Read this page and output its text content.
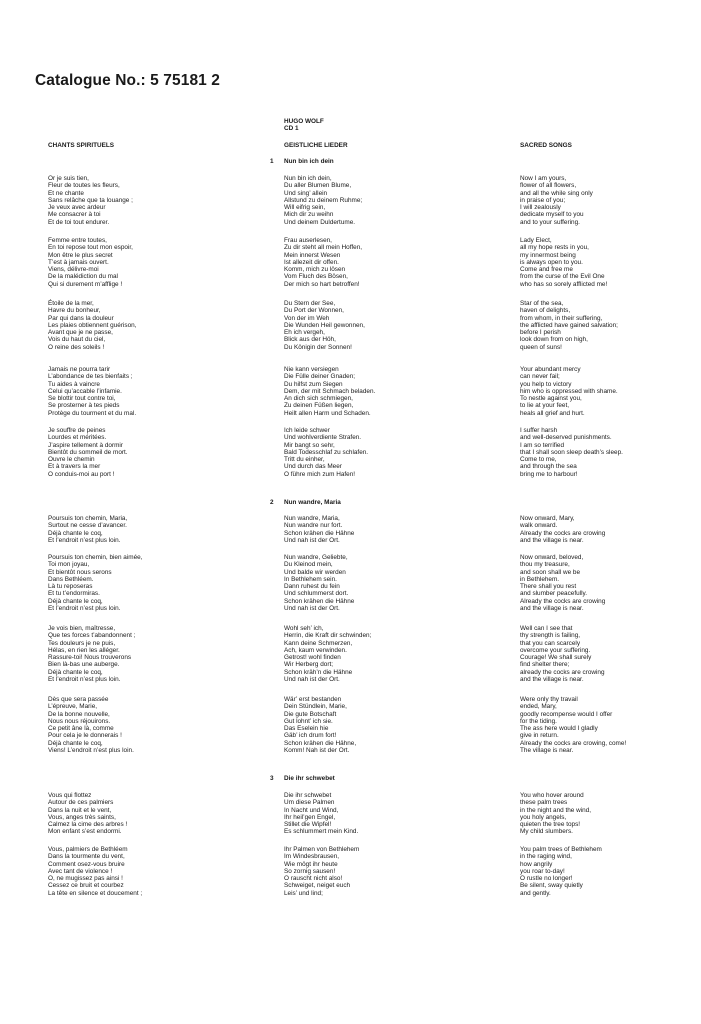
Catalogue No.: 5 75181 2
HUGO WOLF
CD 1
CHANTS SPIRITUELS	GEISTLICHE LIEDER	SACRED SONGS
1 Nun bin ich dein

Or je suis tien,
Fleur de toutes les fleurs,
Et ne chante
Sans relâche que ta louange ;
Je veux avec ardeur
Me consacrer à toi
Et de toi tout endurer.

Femme entre toutes,
En toi repose tout mon espoir,
Mon être le plus secret
T’est à jamais ouvert.
Viens, délivre-moi
De la malédiction du mal
Qui si durement m’afflige !

Étoile de la mer,
Havre du bonheur,
Par qui dans la douleur
Les plaies obtiennent guérison,
Avant que je ne passe,
Vois du haut du ciel,
O reine des soleils !

Jamais ne pourra tarir
L’abondance de tes bienfaits ;
Tu aides à vaincre
Celui qu’accable l’infamie.
Se blottir tout contre toi,
Se prosterner à tes pieds
Protège du tourment et du mal.

Je souffre de peines
Lourdes et méritées.
J’aspire tellement à dormir
Bientôt du sommeil de mort.
Ouvre le chemin
Et à travers la mer
O conduis-moi au port !

Nun bin ich dein,
Du aller Blumen Blume,
Und sing’ allein
Allstund zu deinem Ruhme;
Will eifrig sein,
Mich dir zu weihn
Und deinem Duldertume.

Frau auserlesen,
Zu dir steht all mein Hoffen,
Mein innerst Wesen
Ist allezeit dir offen.
Komm, mich zu lösen
Vom Fluch des Bösen,
Der mich so hart betroffen!

Du Stern der See,
Du Port der Wonnen,
Von der im Weh
Die Wunden Heil gewonnen,
Eh ich vergeh,
Blick aus der Höh,
Du Königin der Sonnen!

Nie kann versiegen
Die Fülle deiner Gnaden;
Du hilfst zum Siegen
Dem, der mit Schmach beladen.
An dich sich schmiegen,
Zu deinen Füßen liegen,
Heilt allen Harm und Schaden.

Ich leide schwer
Und wohlverdiente Strafen.
Mir bangt so sehr,
Bald Todesschlaf zu schlafen.
Tritt du einher,
Und durch das Meer
O führe mich zum Hafen!

Now I am yours,
flower of all flowers,
and all the while sing only
in praise of you;
I will zealously
dedicate myself to you
and to your suffering.

Lady Elect,
all my hope rests in you,
my innermost being
is always open to you.
Come and free me
from the curse of the Evil One
who has so sorely afflicted me!

Star of the sea,
haven of delights,
from whom, in their suffering,
the afflicted have gained salvation;
before I perish
look down from on high,
queen of suns!

Your abundant mercy
can never fail;
you help to victory
him who is oppressed with shame.
To nestle against you,
to lie at your feet,
heals all grief and hurt.

I suffer harsh
and well-deserved punishments.
I am so terrified
that I shall soon sleep death’s sleep.
Come to me,
and through the sea
bring me to harbour!

2 Nun wandre, Maria

Poursuis ton chemin, Maria,
Surtout ne cesse d’avancer.
Déjà chante le coq,
Et l’endroit n’est plus loin.

Poursuis ton chemin, bien aimée,
Toi mon joyau,
Et bientôt nous serons
Dans Bethléem.
Là tu reposeras
Et tu t’endormiras.
Déjà chante le coq,
Et l’endroit n’est plus loin.

Je vois bien, maîtresse,
Que tes forces t’abandonnent ;
Tes douleurs je ne puis,
Hélas, en rien les alléger.
Rassure-toi! Nous trouverons
Bien là-bas une auberge.
Déjà chante le coq,
Et l’endroit n’est plus loin.

Dès que sera passée
L’épreuve, Marie,
De la bonne nouvelle,
Nous nous réjouirons.
Ce petit âne là, comme
Pour cela je le donnerais !
Déjà chante le coq,
Viens! L’endroit n’est plus loin.

Nun wandre, Maria,
Nun wandre nur fort.
Schon krähen die Hähne
Und nah ist der Ort.

Nun wandre, Geliebte,
Du Kleinod mein,
Und balde wir werden
In Bethlehem sein.
Dann ruhest du fein
Und schlummerst dort.
Schon krähen die Hähne
Und nah ist der Ort.

Wohl seh’ ich,
Herrin, die Kraft dir schwinden;
Kann deine Schmerzen,
Ach, kaum verwinden.
Getrost! wohl finden
Wir Herberg dort;
Schon kräh’n die Hähne
Und nah ist der Ort.

Wär’ erst bestanden
Dein Stündlein, Marie,
Die gute Botschaft
Gut lohnt’ ich sie.
Das Eselein hie
Gäb’ ich drum fort!
Schon krähen die Hähne,
Komm! Nah ist der Ort.

Now onward, Mary,
walk onward.
Already the cocks are crowing
and the village is near.

Now onward, beloved,
thou my treasure,
and soon shall we be
in Bethlehem.
There shall you rest
and slumber peacefully.
Already the cocks are crowing
and the village is near.

Well can I see that
thy strength is failing,
that you can scarcely
overcome your suffering.
Courage! We shall surely
find shelter there;
already the cocks are crowing
and the village is near.

Were only thy travail
ended, Mary,
goodly recompense would I offer
for the tiding.
The ass here would I gladly
give in return.
Already the cocks are crowing, come!
The village is near.

3 Die ihr schwebet

Vous qui flottez
Autour de ces palmiers
Dans la nuit et le vent,
Vous, anges très saints,
Calmez la cime des arbres !
Mon enfant s’est endormi.

Vous, palmiers de Bethléem
Dans la tourmente du vent,
Comment osez-vous bruire
Avec tant de violence !
O, ne mugissez pas ainsi !
Cessez ce bruit et courbez
La tête en silence et doucement ;

Die ihr schwebet
Um diese Palmen
In Nacht und Wind,
Ihr heil’gen Engel,
Stillet die Wipfel!
Es schlummert mein Kind.

Ihr Palmen von Bethlehem
Im Windesbrausen,
Wie mögt ihr heute
So zornig sausen!
O rauscht nicht also!
Schweiget, neiget euch
Leis’ und lind;

You who hover around
these palm trees
in the night and the wind,
you holy angels,
quieten the tree tops!
My child slumbers.

You palm trees of Bethlehem
in the raging wind,
how angrily
you roar to-day!
O rustle no longer!
Be silent, sway quietly
and gently.
